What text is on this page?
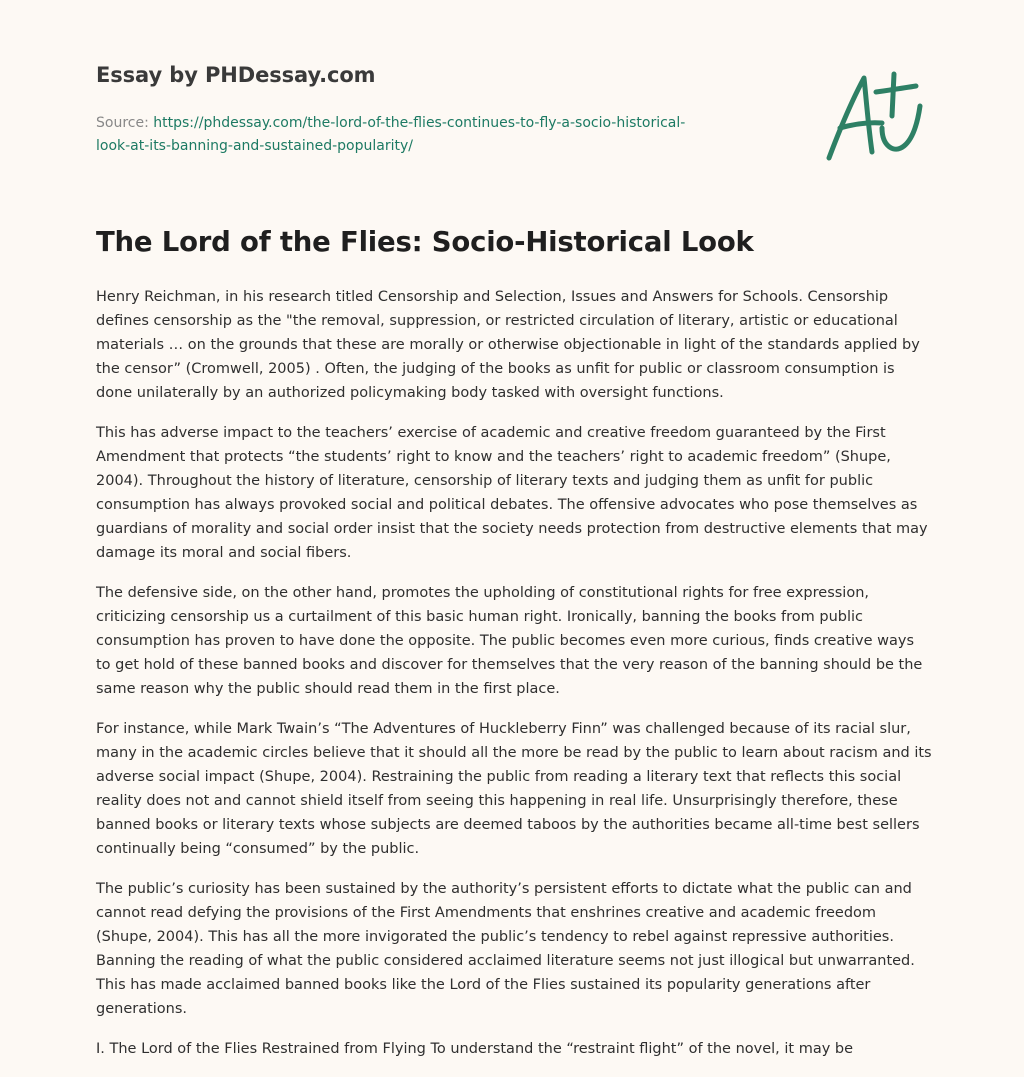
Essay by PHDessay.com
Source: https://phdessay.com/the-lord-of-the-flies-continues-to-fly-a-socio-historical-
look-at-its-banning-and-sustained-popularity/
The Lord of the Flies: Socio-Historical Look

Henry Reichman, in his research titled Censorship and Selection, Issues and Answers for Schools. Censorship defines censorship as the "the removal, suppression, or restricted circulation of literary, artistic or educational materials … on the grounds that these are morally or otherwise objectionable in light of the standards applied by the censor” (Cromwell, 2005) . Often, the judging of the books as unfit for public or classroom consumption is done unilaterally by an authorized policymaking body tasked with oversight functions.

This has adverse impact to the teachers’ exercise of academic and creative freedom guaranteed by the First Amendment that protects “the students’ right to know and the teachers’ right to academic freedom” (Shupe, 2004). Throughout the history of literature, censorship of literary texts and judging them as unfit for public consumption has always provoked social and political debates. The offensive advocates who pose themselves as guardians of morality and social order insist that the society needs protection from destructive elements that may damage its moral and social fibers.

The defensive side, on the other hand, promotes the upholding of constitutional rights for free expression, criticizing censorship us a curtailment of this basic human right. Ironically, banning the books from public consumption has proven to have done the opposite. The public becomes even more curious, finds creative ways to get hold of these banned books and discover for themselves that the very reason of the banning should be the same reason why the public should read them in the first place.

For instance, while Mark Twain’s “The Adventures of Huckleberry Finn” was challenged because of its racial slur, many in the academic circles believe that it should all the more be read by the public to learn about racism and its adverse social impact (Shupe, 2004). Restraining the public from reading a literary text that reflects this social reality does not and cannot shield itself from seeing this happening in real life. Unsurprisingly therefore, these banned books or literary texts whose subjects are deemed taboos by the authorities became all-time best sellers continually being “consumed” by the public.

The public’s curiosity has been sustained by the authority’s persistent efforts to dictate what the public can and cannot read defying the provisions of the First Amendments that enshrines creative and academic freedom (Shupe, 2004). This has all the more invigorated the public’s tendency to rebel against repressive authorities. Banning the reading of what the public considered acclaimed literature seems not just illogical but unwarranted. This has made acclaimed banned books like the Lord of the Flies sustained its popularity generations after generations.

I. The Lord of the Flies Restrained from Flying To understand the “restraint flight” of the novel, it may be
